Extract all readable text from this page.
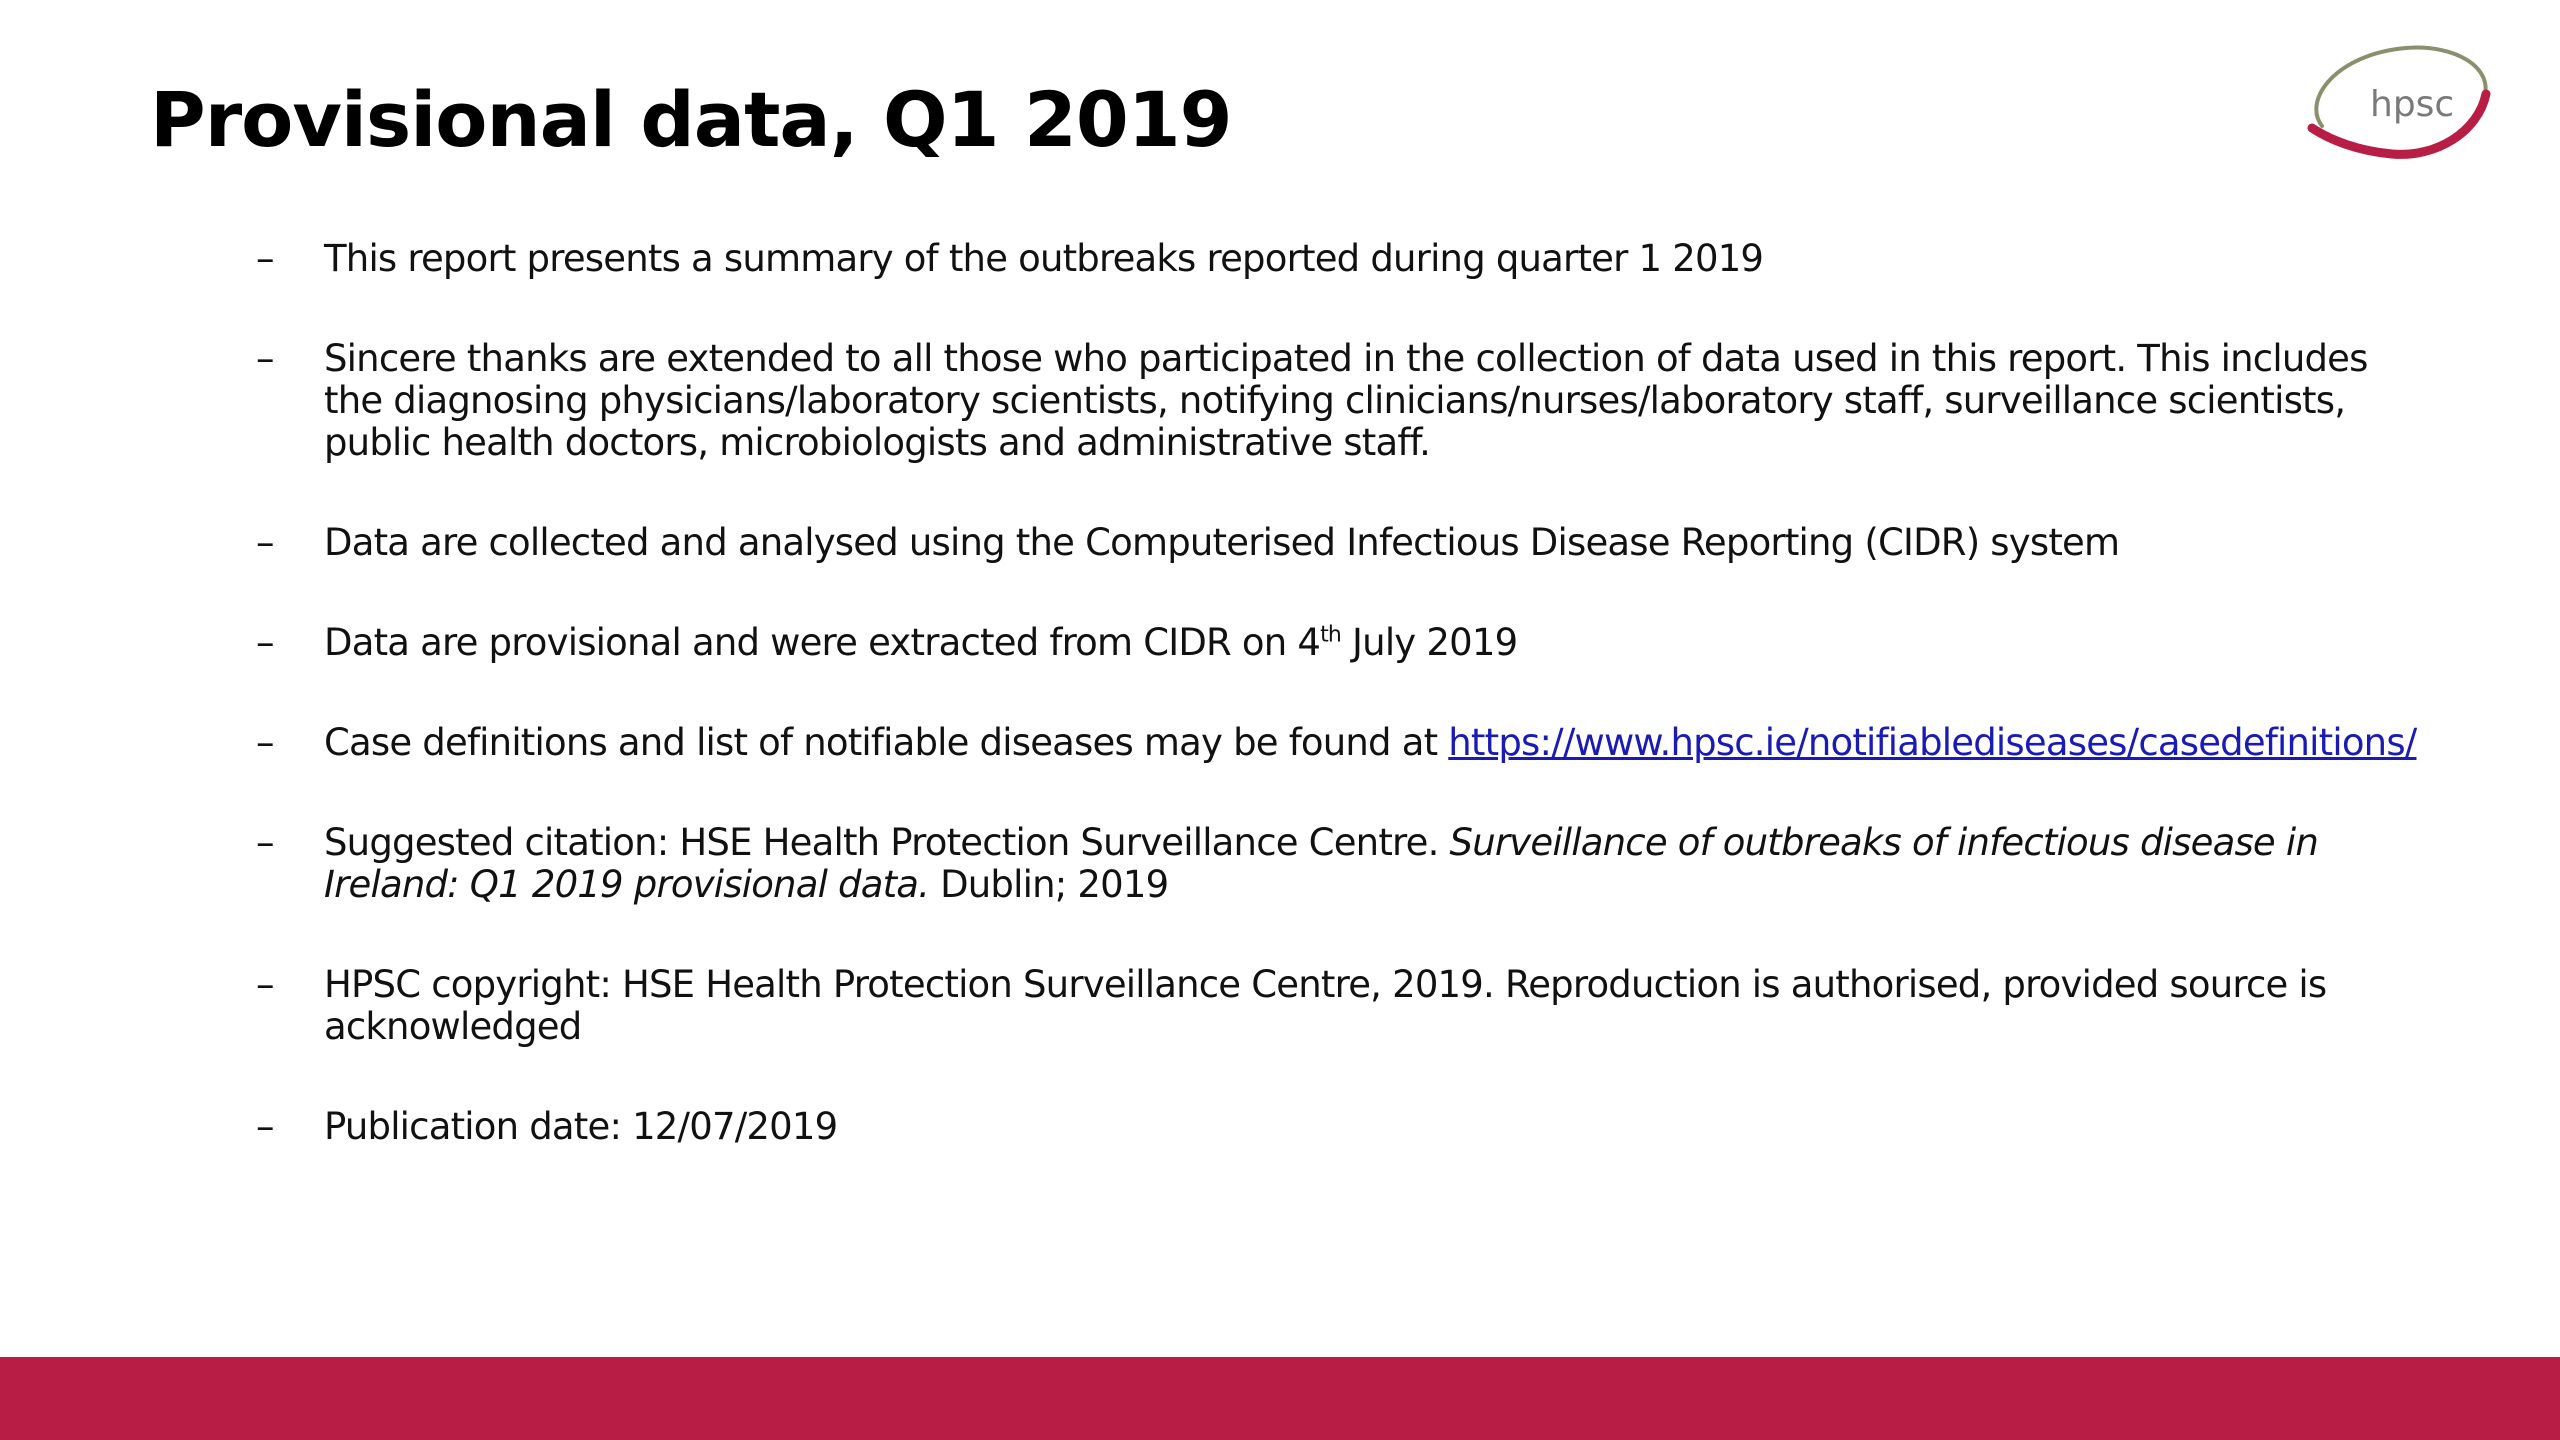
Provisional data, Q1 2019	hpsc
–	This report presents a summary of the outbreaks reported during quarter 1 2019
–	Sincere thanks are extended to all those who participated in the collection of data used in this report. This includes the diagnosing physicians/laboratory scientists, notifying clinicians/nurses/laboratory staff, surveillance scientists, public health doctors, microbiologists and administrative staff.
–	Data are collected and analysed using the Computerised Infectious Disease Reporting (CIDR) system
–	Data are provisional and were extracted from CIDR on 4th July 2019
–	Case definitions and list of notifiable diseases may be found at https://www.hpsc.ie/notifiablediseases/casedefinitions/
–	Suggested citation: HSE Health Protection Surveillance Centre. Surveillance of outbreaks of infectious disease in Ireland: Q1 2019 provisional data. Dublin; 2019
–	HPSC copyright: HSE Health Protection Surveillance Centre, 2019. Reproduction is authorised, provided source is acknowledged
–	Publication date: 12/07/2019
